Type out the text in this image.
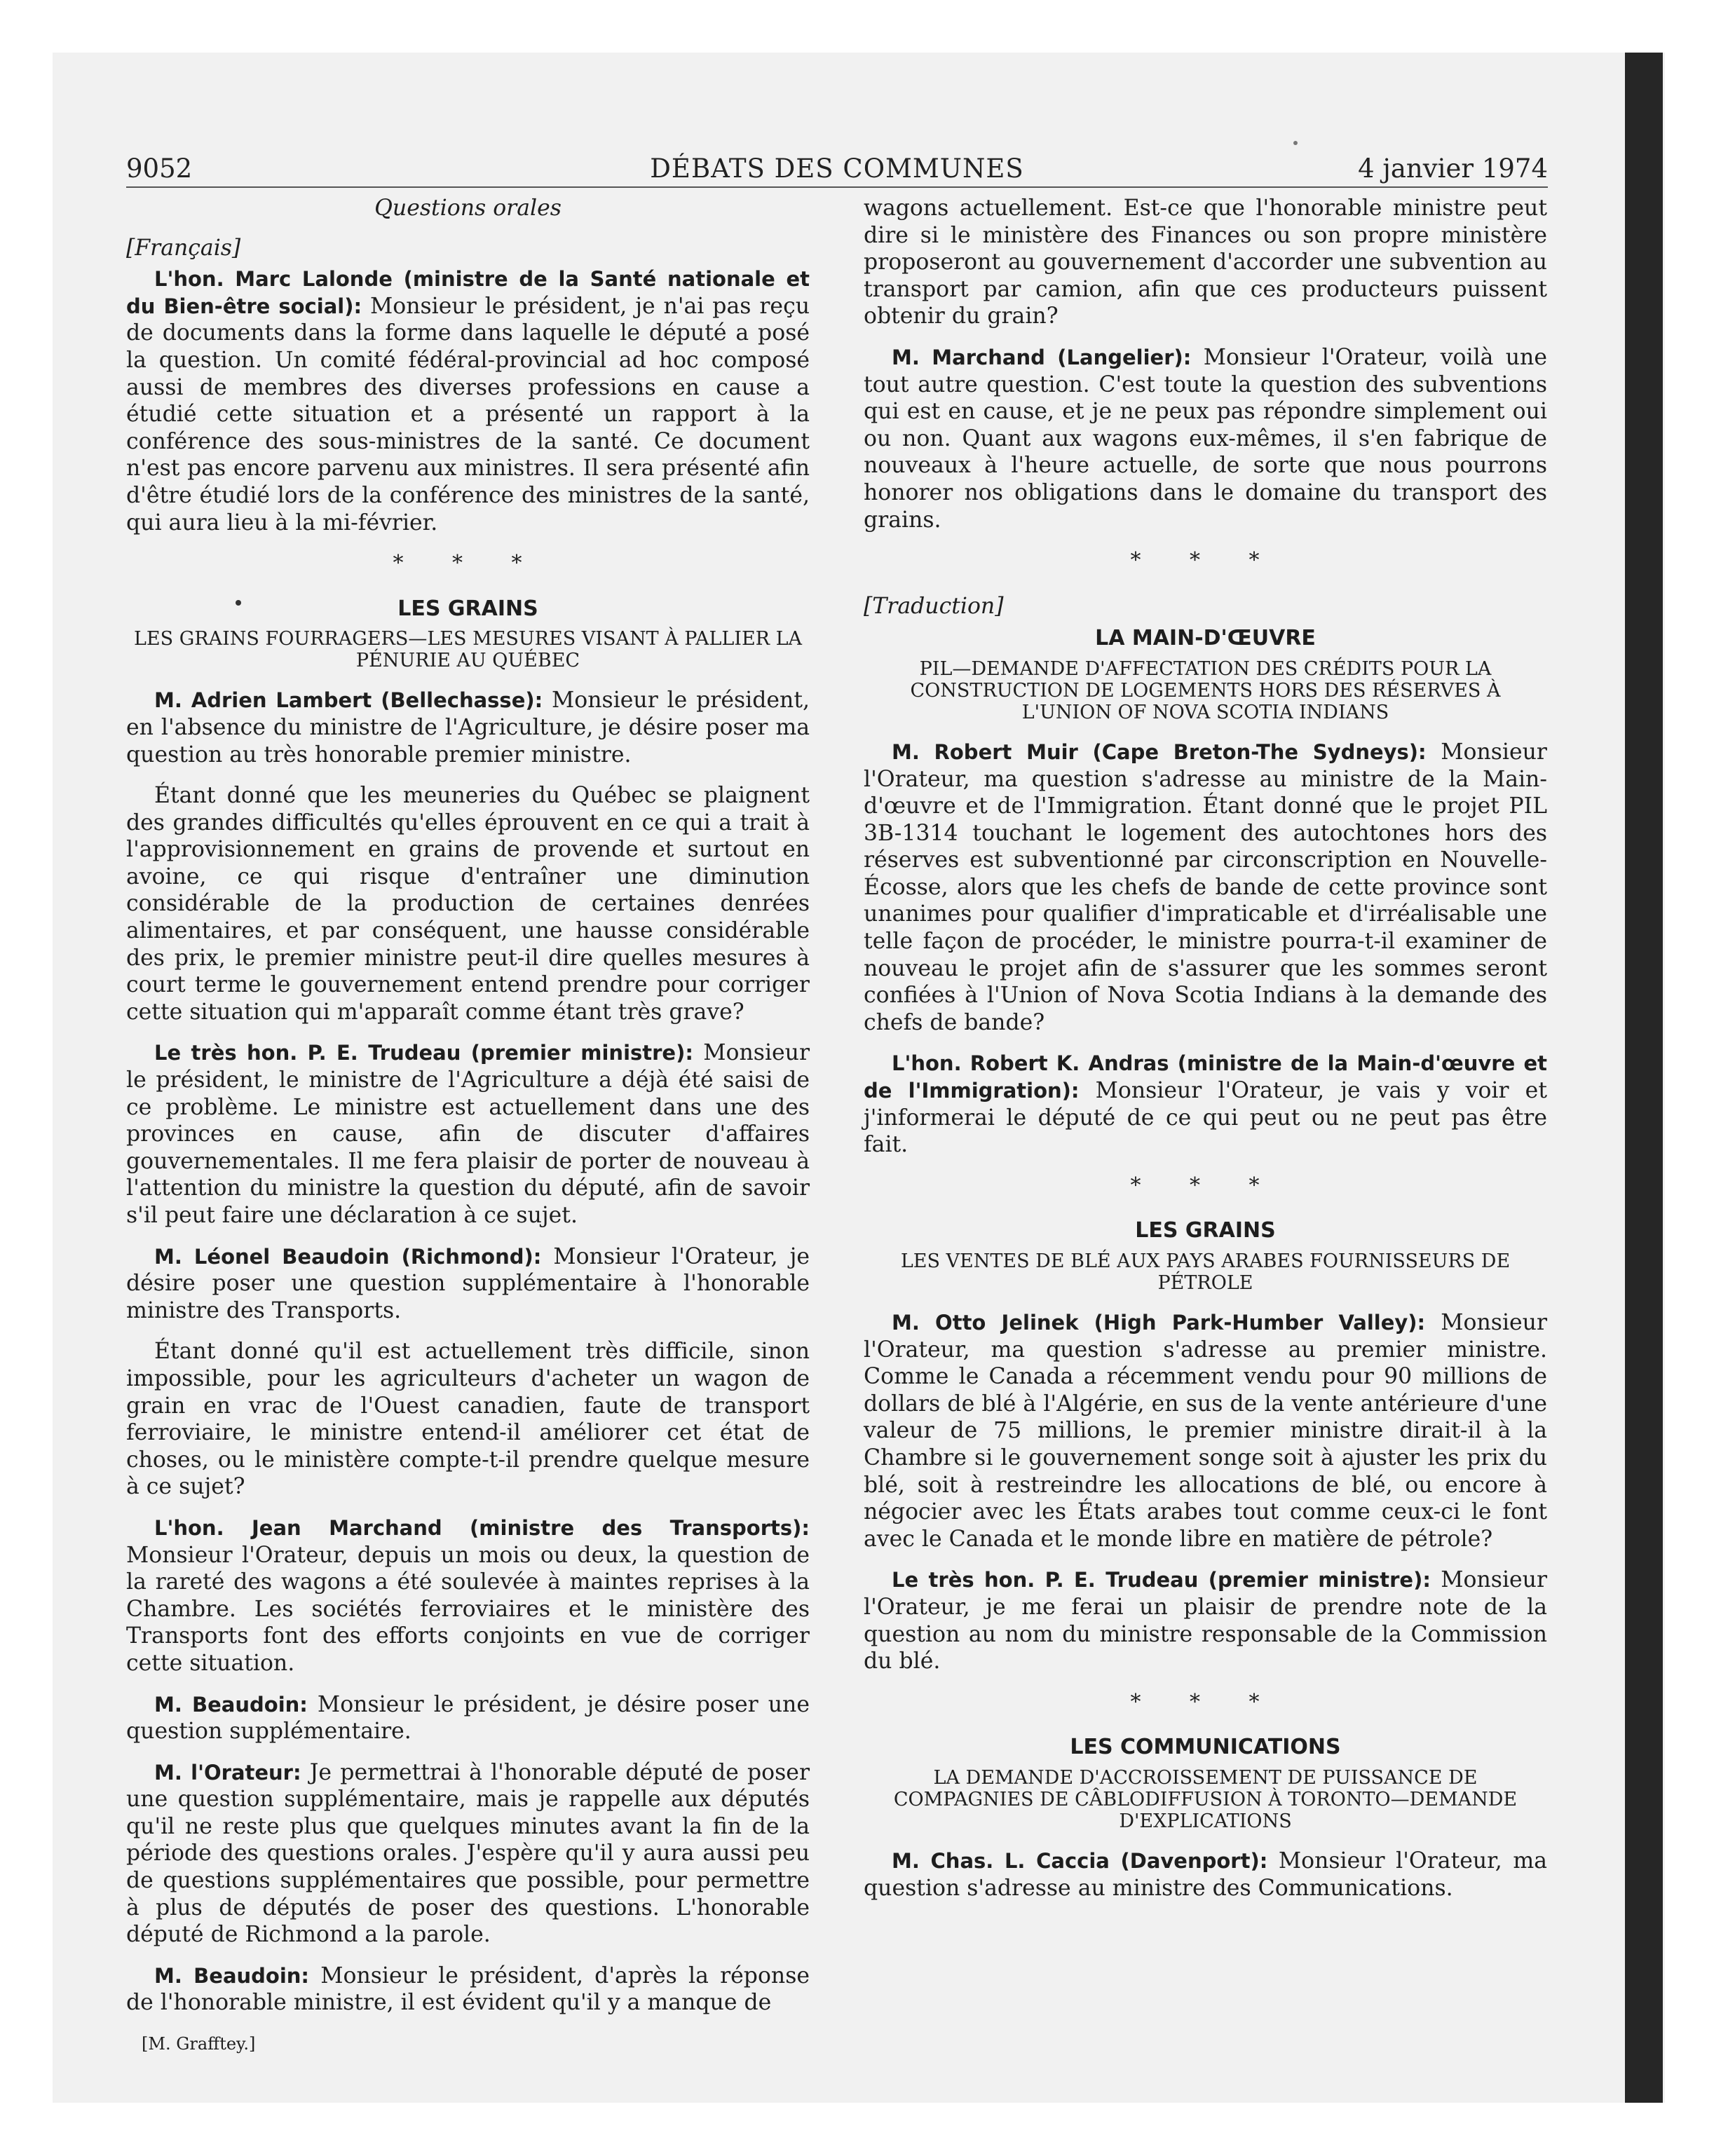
DÉBATS DES COMMUNES
9052	4 janvier 1974
Questions orales
[Français]

L'hon. Marc Lalonde (ministre de la Santé nationale et du Bien-être social): Monsieur le président, je n'ai pas reçu de documents dans la forme dans laquelle le député a posé la question. Un comité fédéral-provincial ad hoc composé aussi de membres des diverses professions en cause a étudié cette situation et a présenté un rapport à la conférence des sous-ministres de la santé. Ce document n'est pas encore parvenu aux ministres. Il sera présenté afin d'être étudié lors de la conférence des ministres de la santé, qui aura lieu à la mi-février.

* * *
LES GRAINS
LES GRAINS FOURRAGERS—LES MESURES VISANT À PALLIER LA PÉNURIE AU QUÉBEC

M. Adrien Lambert (Bellechasse): Monsieur le président, en l'absence du ministre de l'Agriculture, je désire poser ma question au très honorable premier ministre.

Étant donné que les meuneries du Québec se plaignent des grandes difficultés qu'elles éprouvent en ce qui a trait à l'approvisionnement en grains de provende et surtout en avoine, ce qui risque d'entraîner une diminution considérable de la production de certaines denrées alimentaires, et par conséquent, une hausse considérable des prix, le premier ministre peut-il dire quelles mesures à court terme le gouvernement entend prendre pour corriger cette situation qui m'apparaît comme étant très grave?

Le très hon. P. E. Trudeau (premier ministre): Monsieur le président, le ministre de l'Agriculture a déjà été saisi de ce problème. Le ministre est actuellement dans une des provinces en cause, afin de discuter d'affaires gouvernementales. Il me fera plaisir de porter de nouveau à l'attention du ministre la question du député, afin de savoir s'il peut faire une déclaration à ce sujet.

M. Léonel Beaudoin (Richmond): Monsieur l'Orateur, je désire poser une question supplémentaire à l'honorable ministre des Transports.

Étant donné qu'il est actuellement très difficile, sinon impossible, pour les agriculteurs d'acheter un wagon de grain en vrac de l'Ouest canadien, faute de transport ferroviaire, le ministre entend-il améliorer cet état de choses, ou le ministère compte-t-il prendre quelque mesure à ce sujet?

L'hon. Jean Marchand (ministre des Transports): Monsieur l'Orateur, depuis un mois ou deux, la question de la rareté des wagons a été soulevée à maintes reprises à la Chambre. Les sociétés ferroviaires et le ministère des Transports font des efforts conjoints en vue de corriger cette situation.

M. Beaudoin: Monsieur le président, je désire poser une question supplémentaire.

M. l'Orateur: Je permettrai à l'honorable député de poser une question supplémentaire, mais je rappelle aux députés qu'il ne reste plus que quelques minutes avant la fin de la période des questions orales. J'espère qu'il y aura aussi peu de questions supplémentaires que possible, pour permettre à plus de députés de poser des questions. L'honorable député de Richmond a la parole.

M. Beaudoin: Monsieur le président, d'après la réponse de l'honorable ministre, il est évident qu'il y a manque de

[M. Grafftey.]

wagons actuellement. Est-ce que l'honorable ministre peut dire si le ministère des Finances ou son propre ministère proposeront au gouvernement d'accorder une subvention au transport par camion, afin que ces producteurs puissent obtenir du grain?

M. Marchand (Langelier): Monsieur l'Orateur, voilà une tout autre question. C'est toute la question des subventions qui est en cause, et je ne peux pas répondre simplement oui ou non. Quant aux wagons eux-mêmes, il s'en fabrique de nouveaux à l'heure actuelle, de sorte que nous pourrons honorer nos obligations dans le domaine du transport des grains.

* * *
[Traduction]
LA MAIN-D'ŒUVRE
PIL—DEMANDE D'AFFECTATION DES CRÉDITS POUR LA CONSTRUCTION DE LOGEMENTS HORS DES RÉSERVES À L'UNION OF NOVA SCOTIA INDIANS

M. Robert Muir (Cape Breton-The Sydneys): Monsieur l'Orateur, ma question s'adresse au ministre de la Main-d'œuvre et de l'Immigration. Étant donné que le projet PIL 3B-1314 touchant le logement des autochtones hors des réserves est subventionné par circonscription en Nouvelle-Écosse, alors que les chefs de bande de cette province sont unanimes pour qualifier d'impraticable et d'irréalisable une telle façon de procéder, le ministre pourra-t-il examiner de nouveau le projet afin de s'assurer que les sommes seront confiées à l'Union of Nova Scotia Indians à la demande des chefs de bande?

L'hon. Robert K. Andras (ministre de la Main-d'œuvre et de l'Immigration): Monsieur l'Orateur, je vais y voir et j'informerai le député de ce qui peut ou ne peut pas être fait.

* * *
LES GRAINS
LES VENTES DE BLÉ AUX PAYS ARABES FOURNISSEURS DE PÉTROLE

M. Otto Jelinek (High Park-Humber Valley): Monsieur l'Orateur, ma question s'adresse au premier ministre. Comme le Canada a récemment vendu pour 90 millions de dollars de blé à l'Algérie, en sus de la vente antérieure d'une valeur de 75 millions, le premier ministre dirait-il à la Chambre si le gouvernement songe soit à ajuster les prix du blé, soit à restreindre les allocations de blé, ou encore à négocier avec les États arabes tout comme ceux-ci le font avec le Canada et le monde libre en matière de pétrole?

Le très hon. P. E. Trudeau (premier ministre): Monsieur l'Orateur, je me ferai un plaisir de prendre note de la question au nom du ministre responsable de la Commission du blé.

* * *
LES COMMUNICATIONS
LA DEMANDE D'ACCROISSEMENT DE PUISSANCE DE COMPAGNIES DE CÂBLODIFFUSION À TORONTO—DEMANDE D'EXPLICATIONS

M. Chas. L. Caccia (Davenport): Monsieur l'Orateur, ma question s'adresse au ministre des Communications.
